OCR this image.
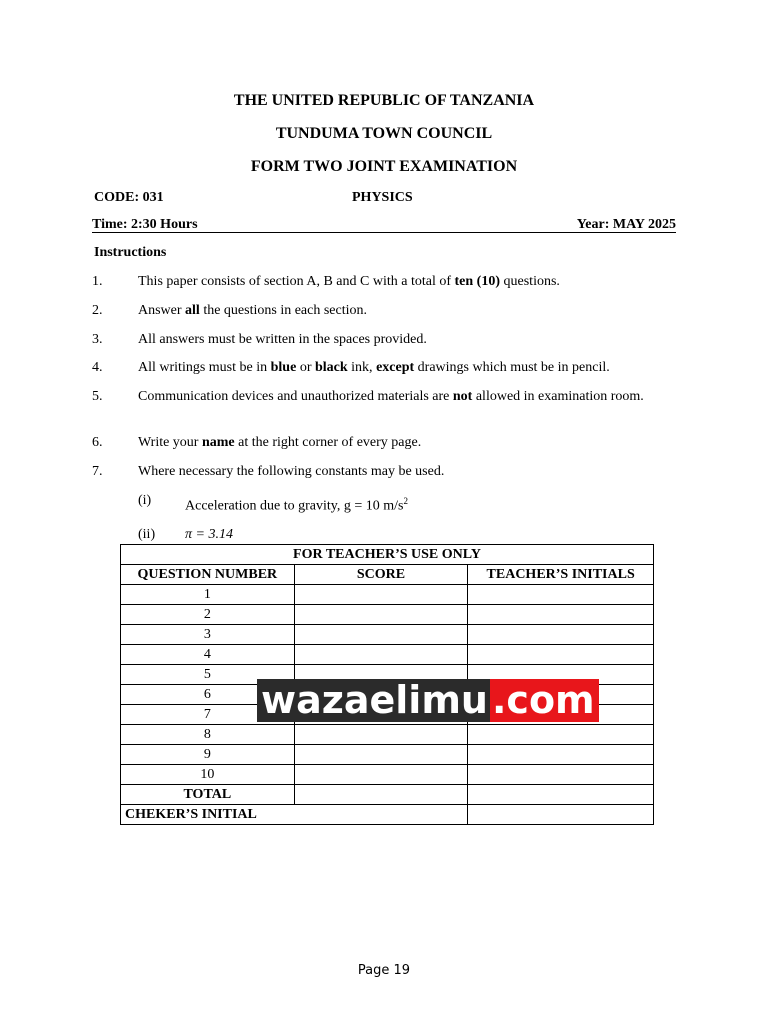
THE UNITED REPUBLIC OF TANZANIA
TUNDUMA TOWN COUNCIL
FORM TWO JOINT EXAMINATION
CODE: 031	PHYSICS
Time: 2:30 Hours	Year: MAY 2025
Instructions
1.	This paper consists of section A, B and C with a total of ten (10) questions.
2.	Answer all the questions in each section.
3.	All answers must be written in the spaces provided.
4.	All writings must be in blue or black ink, except drawings which must be in pencil.
5.	Communication devices and unauthorized materials are not allowed in examination room.
6.	Write your name at the right corner of every page.
7.	Where necessary the following constants may be used.
(i) Acceleration due to gravity, g = 10 $m/s^2$
(ii) π = 3.14
FOR TEACHER’S USE ONLY		
QUESTION NUMBER	SCORE	TEACHER’S INITIALS
1		
2		
3		
4		
5		
6		
7		
8		
9		
10		
TOTAL		
CHEKER’S INITIAL		
wazaelimu .com
Page 19
